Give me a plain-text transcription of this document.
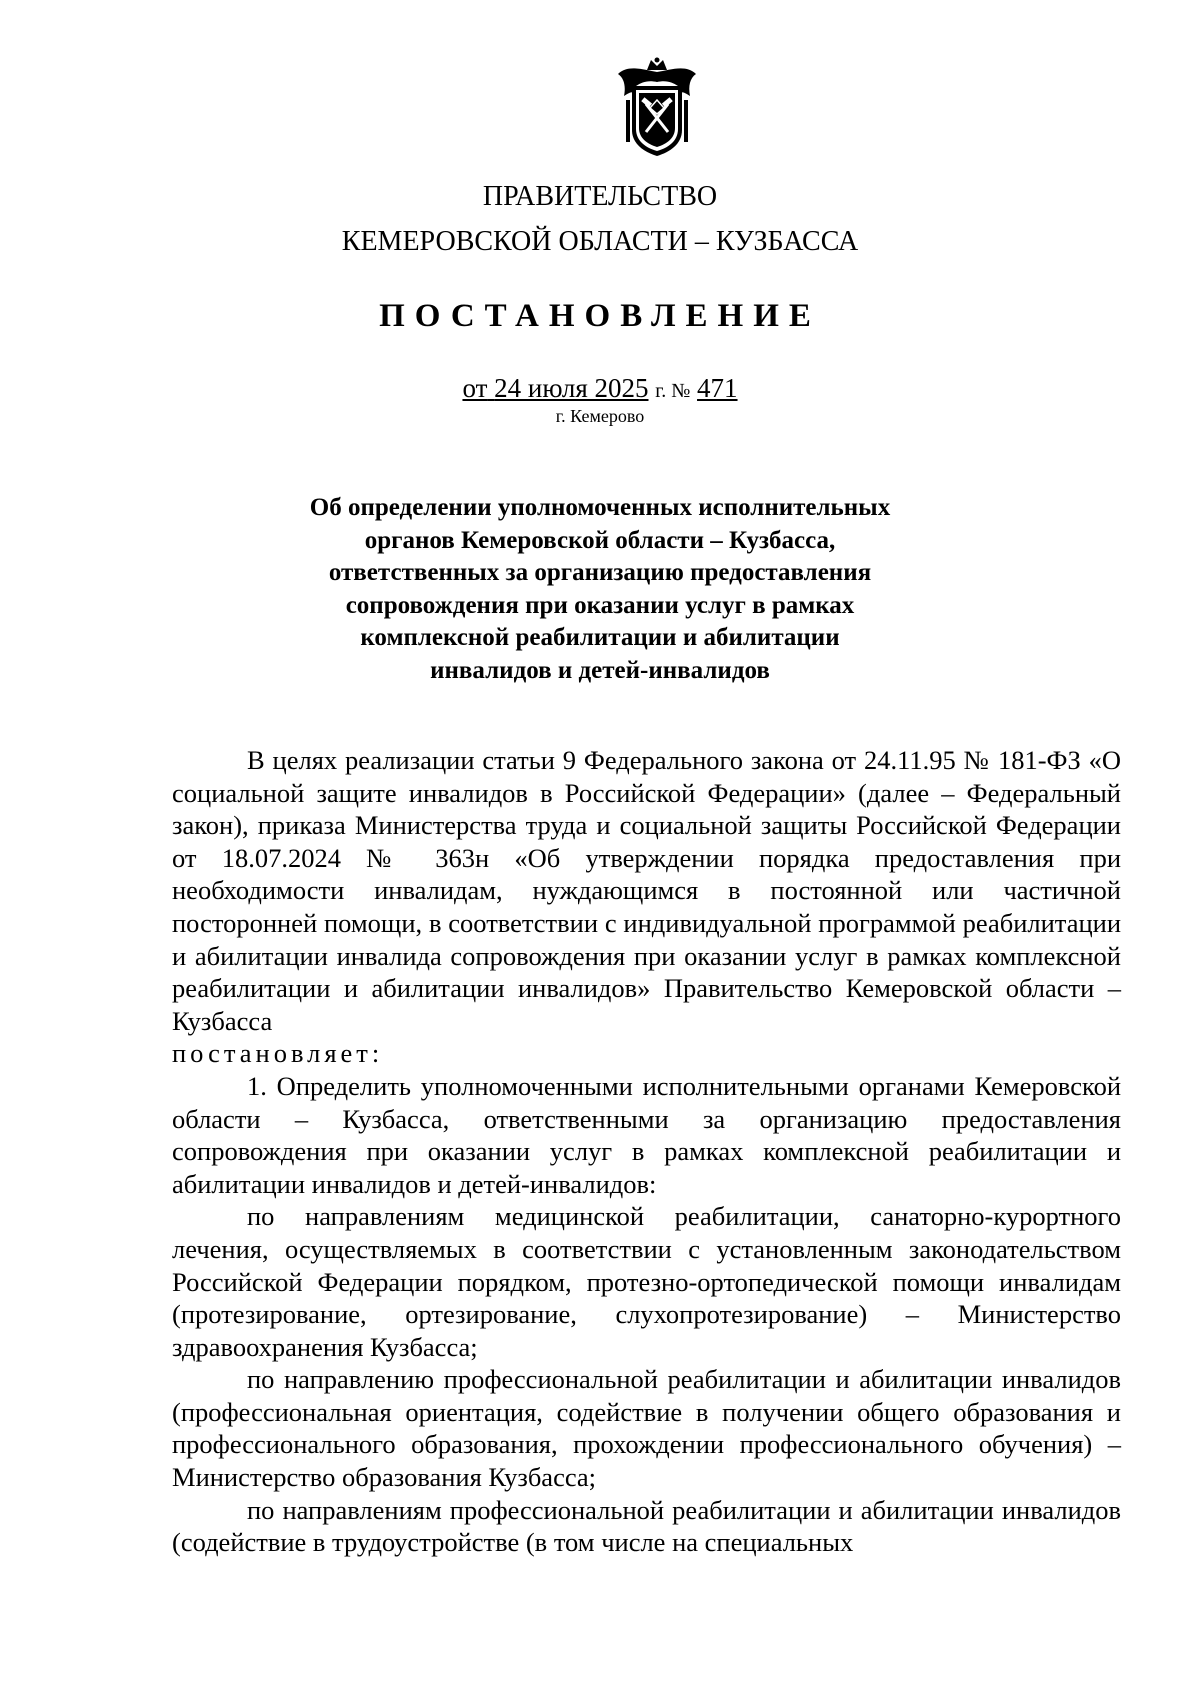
ПРАВИТЕЛЬСТВО
КЕМЕРОВСКОЙ ОБЛАСТИ – КУЗБАССА
ПОСТАНОВЛЕНИЕ
от 24 июля 2025 г. № 471
г. Кемерово
Об определении уполномоченных исполнительных
органов Кемеровской области – Кузбасса,
ответственных за организацию предоставления
сопровождения при оказании услуг в рамках
комплексной реабилитации и абилитации
инвалидов и детей-инвалидов

В целях реализации статьи 9 Федерального закона от 24.11.95 № 181-ФЗ «О социальной защите инвалидов в Российской Федерации» (далее – Федеральный закон), приказа Министерства труда и социальной защиты Российской Федерации от 18.07.2024 № 363н «Об утверждении порядка предоставления при необходимости инвалидам, нуждающимся в постоянной или частичной посторонней помощи, в соответствии с индивидуальной программой реабилитации и абилитации инвалида сопровождения при оказании услуг в рамках комплексной реабилитации и абилитации инвалидов» Правительство Кемеровской области – Кузбасса

постановляет:

1. Определить уполномоченными исполнительными органами Кемеровской области – Кузбасса, ответственными за организацию предоставления сопровождения при оказании услуг в рамках комплексной реабилитации и абилитации инвалидов и детей-инвалидов:

по направлениям медицинской реабилитации, санаторно-курортного лечения, осуществляемых в соответствии с установленным законодательством Российской Федерации порядком, протезно-ортопедической помощи инвалидам (протезирование, ортезирование, слухопротезирование) – Министерство здравоохранения Кузбасса;

по направлению профессиональной реабилитации и абилитации инвалидов (профессиональная ориентация, содействие в получении общего образования и профессионального образования, прохождении профессионального обучения) – Министерство образования Кузбасса;

по направлениям профессиональной реабилитации и абилитации инвалидов (содействие в трудоустройстве (в том числе на специальных
